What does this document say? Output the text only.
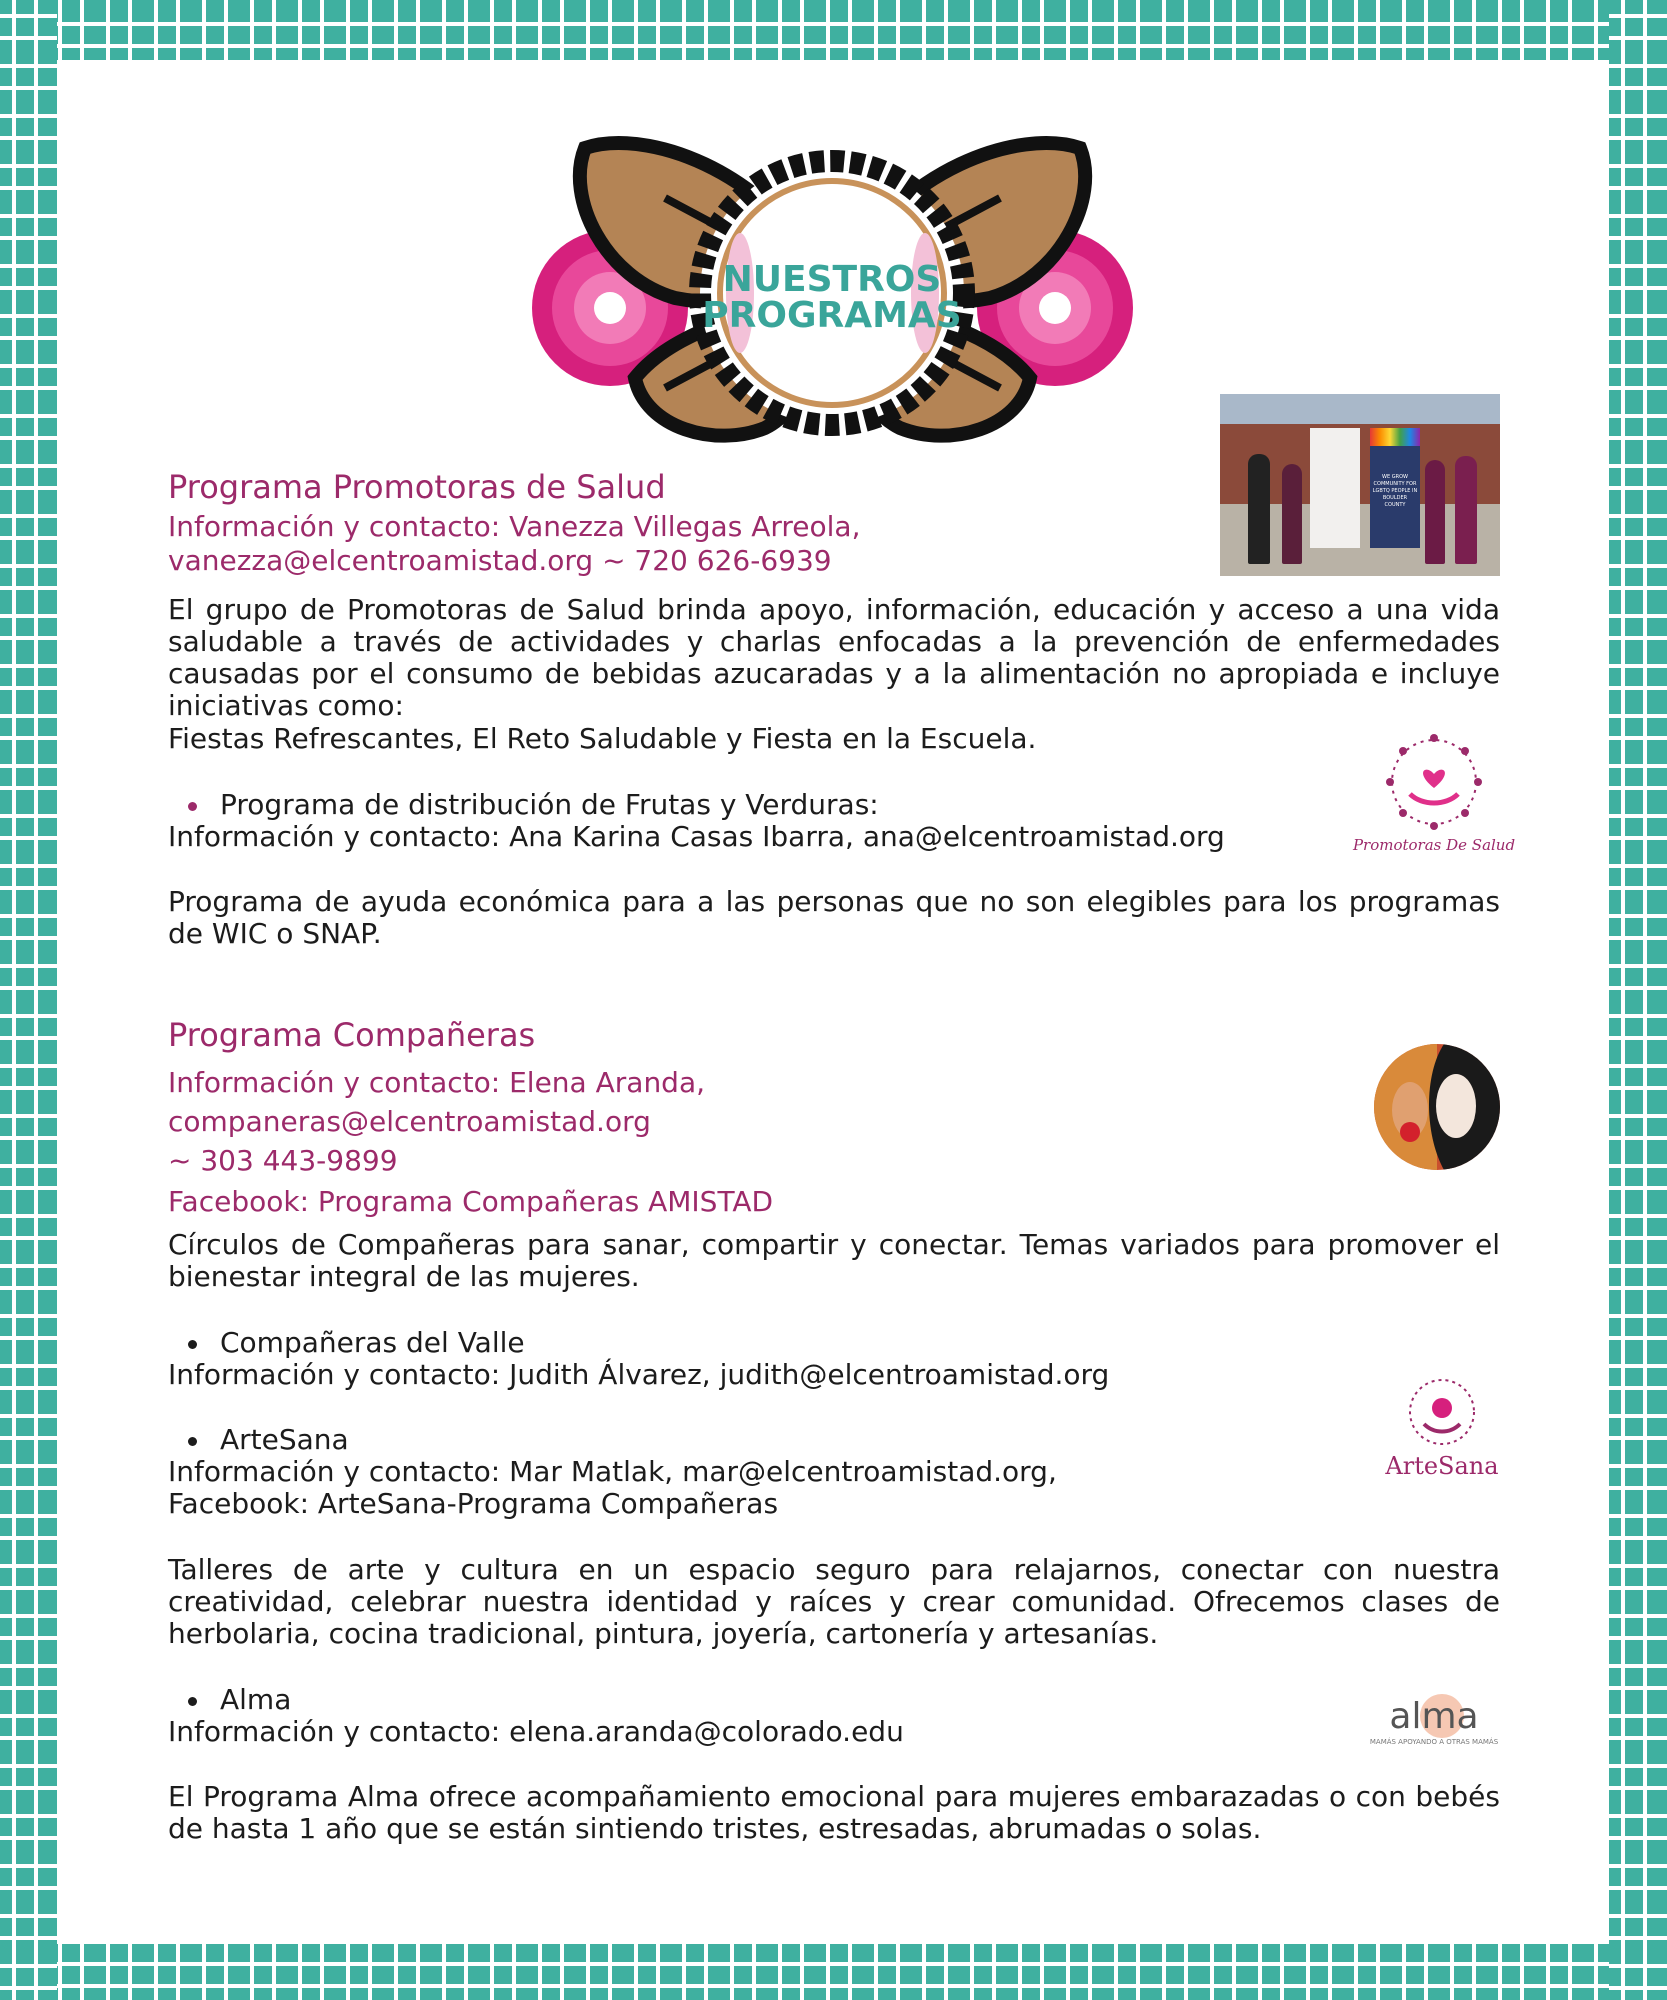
NUESTROS
PROGRAMAS
WE GROW COMMUNITY FOR LGBTQ PEOPLE IN BOULDER COUNTY
Programa Promotoras de Salud
Información y contacto: Vanezza Villegas Arreola,
vanezza@elcentroamistad.org ~ 720 626-6939
El grupo de Promotoras de Salud brinda apoyo, información, educación y acceso a una vida saludable a través de actividades y charlas enfocadas a la prevención de enfermedades causadas por el consumo de bebidas azucaradas y a la alimentación no apropiada e incluye iniciativas como:
Fiestas Refrescantes, El Reto Saludable y Fiesta en la Escuela.
Promotoras De Salud
Programa de distribución de Frutas y Verduras:
Información y contacto: Ana Karina Casas Ibarra, ana@elcentroamistad.org
Programa de ayuda económica para a las personas que no son elegibles para los programas de WIC o SNAP.
Programa Compañeras
Información y contacto: Elena Aranda,
companeras@elcentroamistad.org
~ 303 443-9899
Facebook: Programa Compañeras AMISTAD
Círculos de Compañeras para sanar, compartir y conectar. Temas variados para promover el bienestar integral de las mujeres.
Compañeras del Valle
Información y contacto: Judith Álvarez, judith@elcentroamistad.org
ArteSana
Información y contacto: Mar Matlak, mar@elcentroamistad.org,
Facebook: ArteSana-Programa Compañeras
ArteSana
Talleres de arte y cultura en un espacio seguro para relajarnos, conectar con nuestra creatividad, celebrar nuestra identidad y raíces y crear comunidad. Ofrecemos clases de herbolaria, cocina tradicional, pintura, joyería, cartonería y artesanías.
Alma
Información y contacto: elena.aranda@colorado.edu	alma
MAMÁS APOYANDO A OTRAS MAMÁS
El Programa Alma ofrece acompañamiento emocional para mujeres embarazadas o con bebés de hasta 1 año que se están sintiendo tristes, estresadas, abrumadas o solas.
